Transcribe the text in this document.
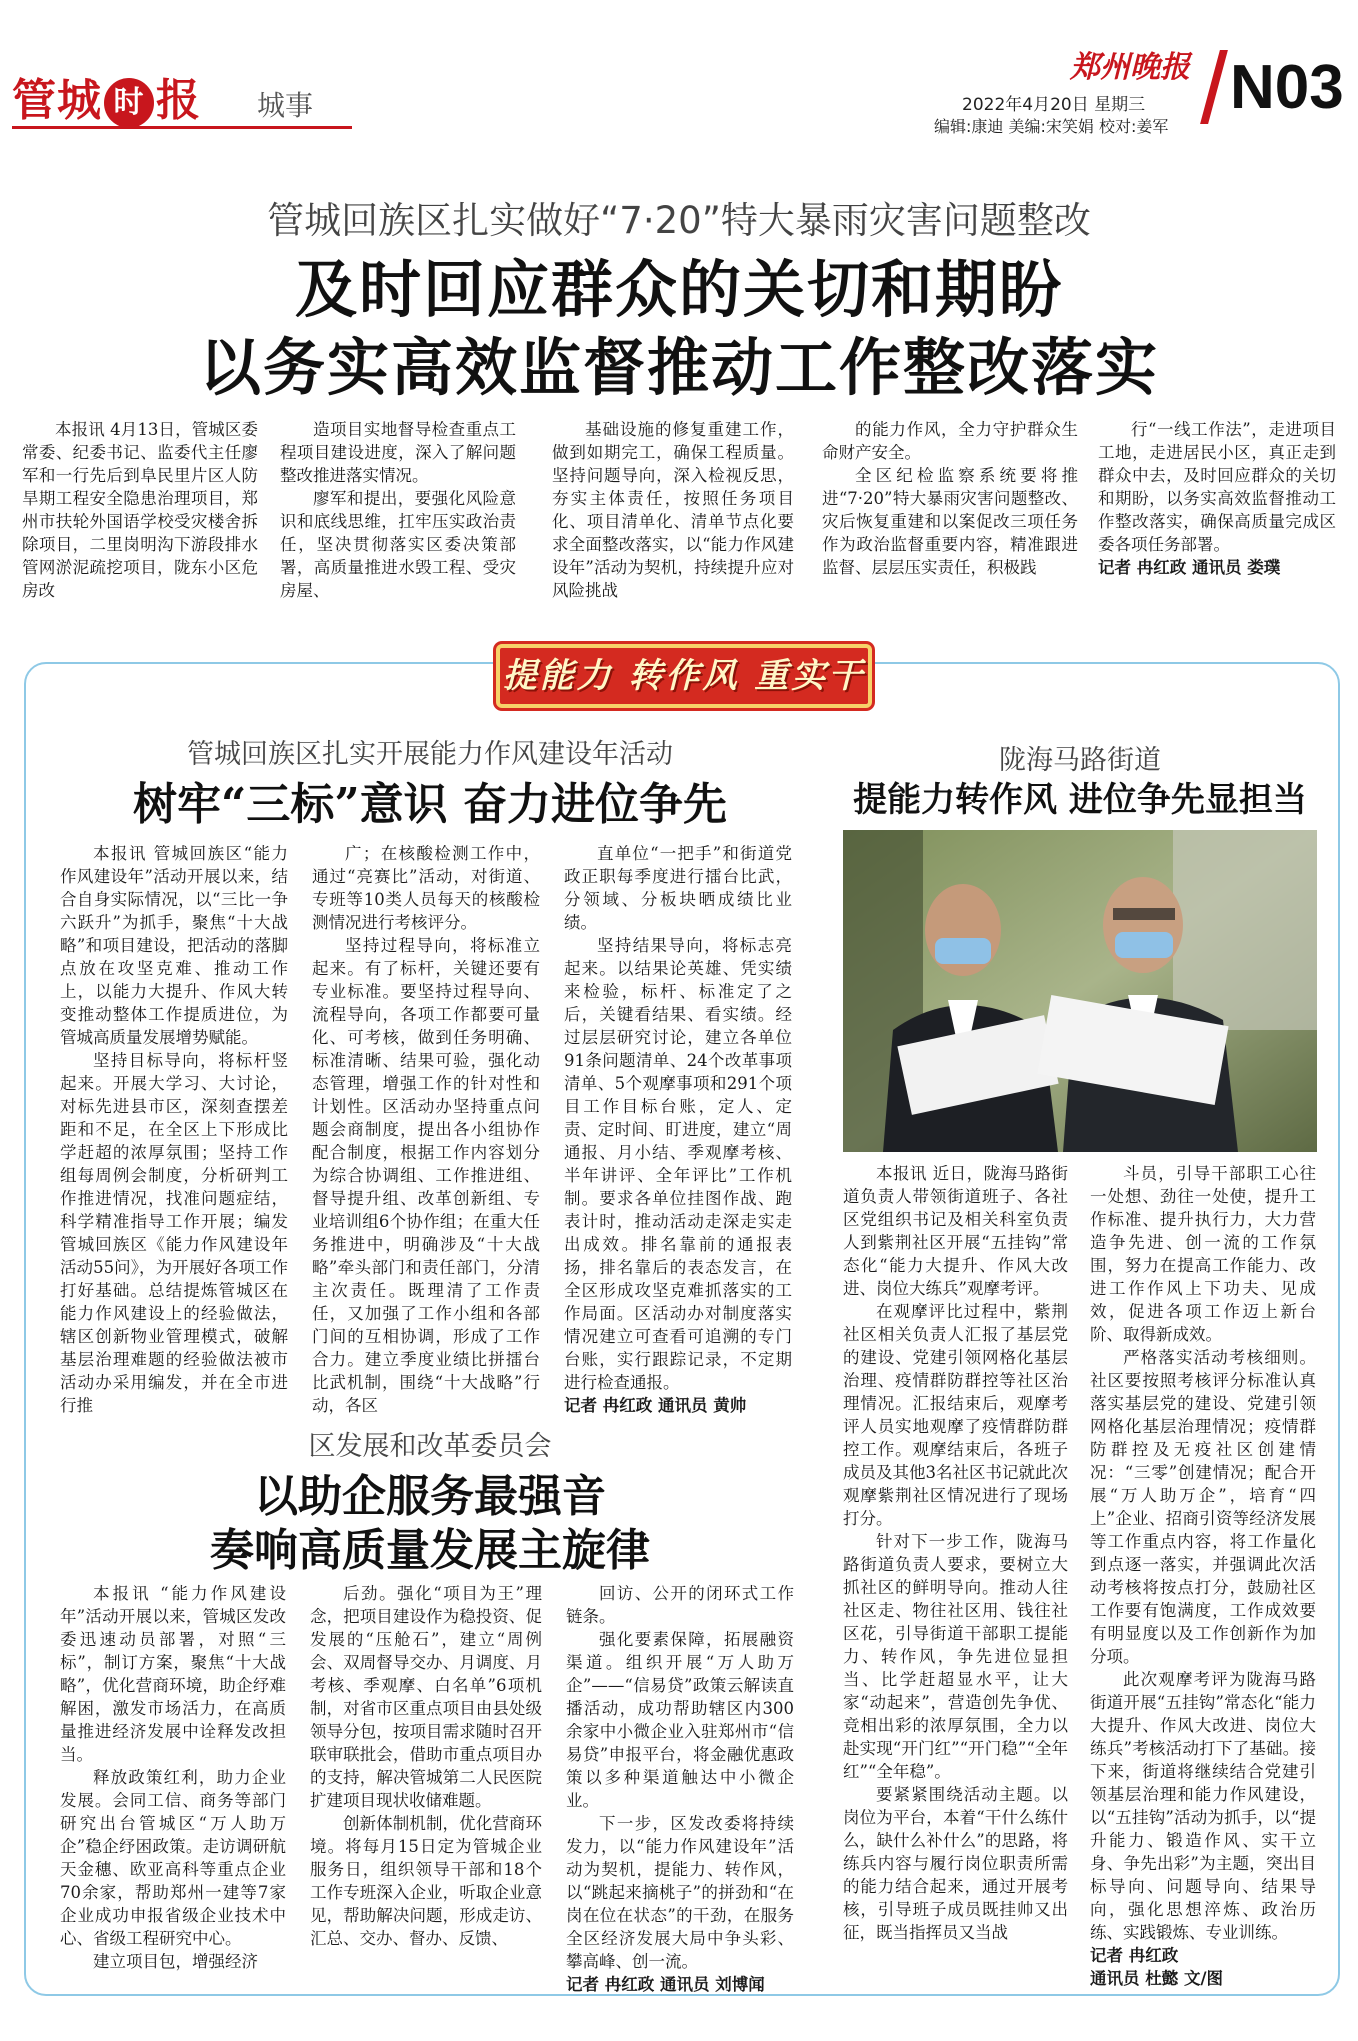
管城 时 报 城事
郑州晚报
2022年4月20日 星期三
编辑:康迪 美编:宋笑娟 校对:姜军
N03
管城回族区扎实做好“7·20”特大暴雨灾害问题整改
及时回应群众的关切和期盼
以务实高效监督推动工作整改落实

本报讯 4月13日，管城区委常委、纪委书记、监委代主任廖军和一行先后到阜民里片区人防旱期工程安全隐患治理项目，郑州市扶轮外国语学校受灾楼舍拆除项目，二里岗明沟下游段排水管网淤泥疏挖项目，陇东小区危房改

造项目实地督导检查重点工程项目建设进度，深入了解问题整改推进落实情况。

廖军和提出，要强化风险意识和底线思维，扛牢压实政治责任，坚决贯彻落实区委决策部署，高质量推进水毁工程、受灾房屋、

基础设施的修复重建工作，做到如期完工，确保工程质量。坚持问题导向，深入检视反思，夯实主体责任，按照任务项目化、项目清单化、清单节点化要求全面整改落实，以“能力作风建设年”活动为契机，持续提升应对风险挑战

的能力作风，全力守护群众生命财产安全。

全区纪检监察系统要将推进“7·20”特大暴雨灾害问题整改、灾后恢复重建和以案促改三项任务作为政治监督重要内容，精准跟进监督、层层压实责任，积极践

行“一线工作法”，走进项目工地，走进居民小区，真正走到群众中去，及时回应群众的关切和期盼，以务实高效监督推动工作整改落实，确保高质量完成区委各项任务部署。

记者 冉红政 通讯员 娄璞
提能力 转作风 重实干
管城回族区扎实开展能力作风建设年活动
树牢“三标”意识 奋力进位争先

本报讯 管城回族区“能力作风建设年”活动开展以来，结合自身实际情况，以“三比一争六跃升”为抓手，聚焦“十大战略”和项目建设，把活动的落脚点放在攻坚克难、推动工作上，以能力大提升、作风大转变推动整体工作提质进位，为管城高质量发展增势赋能。

坚持目标导向，将标杆竖起来。开展大学习、大讨论，对标先进县市区，深刻查摆差距和不足，在全区上下形成比学赶超的浓厚氛围；坚持工作组每周例会制度，分析研判工作推进情况，找准问题症结，科学精准指导工作开展；编发管城回族区《能力作风建设年活动55问》，为开展好各项工作打好基础。总结提炼管城区在能力作风建设上的经验做法，辖区创新物业管理模式，破解基层治理难题的经验做法被市活动办采用编发，并在全市进行推

广；在核酸检测工作中，通过“亮赛比”活动，对街道、专班等10类人员每天的核酸检测情况进行考核评分。

坚持过程导向，将标准立起来。有了标杆，关键还要有专业标准。要坚持过程导向、流程导向，各项工作都要可量化、可考核，做到任务明确、标准清晰、结果可验，强化动态管理，增强工作的针对性和计划性。区活动办坚持重点问题会商制度，提出各小组协作配合制度，根据工作内容划分为综合协调组、工作推进组、督导提升组、改革创新组、专业培训组6个协作组；在重大任务推进中，明确涉及“十大战略”牵头部门和责任部门，分清主次责任。既理清了工作责任，又加强了工作小组和各部门间的互相协调，形成了工作合力。建立季度业绩比拼擂台比武机制，围绕“十大战略”行动，各区

直单位“一把手”和街道党政正职每季度进行擂台比武，分领域、分板块晒成绩比业绩。

坚持结果导向，将标志亮起来。以结果论英雄、凭实绩来检验，标杆、标准定了之后，关键看结果、看实绩。经过层层研究讨论，建立各单位91条问题清单、24个改革事项清单、5个观摩事项和291个项目工作目标台账，定人、定责、定时间、盯进度，建立“周通报、月小结、季观摩考核、半年讲评、全年评比”工作机制。要求各单位挂图作战、跑表计时，推动活动走深走实走出成效。排名靠前的通报表扬，排名靠后的表态发言，在全区形成攻坚克难抓落实的工作局面。区活动办对制度落实情况建立可查看可追溯的专门台账，实行跟踪记录，不定期进行检查通报。

记者 冉红政 通讯员 黄帅
陇海马路街道
提能力转作风 进位争先显担当

本报讯 近日，陇海马路街道负责人带领街道班子、各社区党组织书记及相关科室负责人到紫荆社区开展“五挂钩”常态化“能力大提升、作风大改进、岗位大练兵”观摩考评。

在观摩评比过程中，紫荆社区相关负责人汇报了基层党的建设、党建引领网格化基层治理、疫情群防群控等社区治理情况。汇报结束后，观摩考评人员实地观摩了疫情群防群控工作。观摩结束后，各班子成员及其他3名社区书记就此次观摩紫荆社区情况进行了现场打分。

针对下一步工作，陇海马路街道负责人要求，要树立大抓社区的鲜明导向。推动人往社区走、物往社区用、钱往社区花，引导街道干部职工提能力、转作风，争先进位显担当、比学赶超显水平，让大家“动起来”，营造创先争优、竞相出彩的浓厚氛围，全力以赴实现“开门红”“开门稳”“全年红”“全年稳”。

要紧紧围绕活动主题。以岗位为平台，本着“干什么练什么，缺什么补什么”的思路，将练兵内容与履行岗位职责所需的能力结合起来，通过开展考核，引导班子成员既挂帅又出征，既当指挥员又当战

斗员，引导干部职工心往一处想、劲往一处使，提升工作标准、提升执行力，大力营造争先进、创一流的工作氛围，努力在提高工作能力、改进工作作风上下功夫、见成效，促进各项工作迈上新台阶、取得新成效。

严格落实活动考核细则。社区要按照考核评分标准认真落实基层党的建设、党建引领网格化基层治理情况；疫情群防群控及无疫社区创建情况：“三零”创建情况；配合开展“万人助万企”，培育“四上”企业、招商引资等经济发展等工作重点内容，将工作量化到点逐一落实，并强调此次活动考核将按点打分，鼓励社区工作要有饱满度，工作成效要有明显度以及工作创新作为加分项。

此次观摩考评为陇海马路街道开展“五挂钩”常态化“能力大提升、作风大改进、岗位大练兵”考核活动打下了基础。接下来，街道将继续结合党建引领基层治理和能力作风建设，以“五挂钩”活动为抓手，以“提升能力、锻造作风、实干立身、争先出彩”为主题，突出目标导向、问题导向、结果导向，强化思想淬炼、政治历练、实践锻炼、专业训练。

记者 冉红政
通讯员 杜懿 文/图
区发展和改革委员会
以助企服务最强音
奏响高质量发展主旋律

本报讯 “能力作风建设年”活动开展以来，管城区发改委迅速动员部署，对照“三标”，制订方案，聚焦“十大战略”，优化营商环境，助企纾难解困，激发市场活力，在高质量推进经济发展中诠释发改担当。

释放政策红利，助力企业发展。会同工信、商务等部门研究出台管城区“万人助万企”稳企纾困政策。走访调研航天金穗、欧亚高科等重点企业70余家，帮助郑州一建等7家企业成功申报省级企业技术中心、省级工程研究中心。

建立项目包，增强经济

后劲。强化“项目为王”理念，把项目建设作为稳投资、促发展的“压舱石”，建立“周例会、双周督导交办、月调度、月考核、季观摩、白名单”6项机制，对省市区重点项目由县处级领导分包，按项目需求随时召开联审联批会，借助市重点项目办的支持，解决管城第二人民医院扩建项目现状收储难题。

创新体制机制，优化营商环境。将每月15日定为管城企业服务日，组织领导干部和18个工作专班深入企业，听取企业意见，帮助解决问题，形成走访、汇总、交办、督办、反馈、

回访、公开的闭环式工作链条。

强化要素保障，拓展融资渠道。组织开展“万人助万企”——“信易贷”政策云解读直播活动，成功帮助辖区内300余家中小微企业入驻郑州市“信易贷”申报平台，将金融优惠政策以多种渠道触达中小微企业。

下一步，区发改委将持续发力，以“能力作风建设年”活动为契机，提能力、转作风，以“跳起来摘桃子”的拼劲和“在岗在位在状态”的干劲，在服务全区经济发展大局中争头彩、攀高峰、创一流。

记者 冉红政 通讯员 刘博闻
